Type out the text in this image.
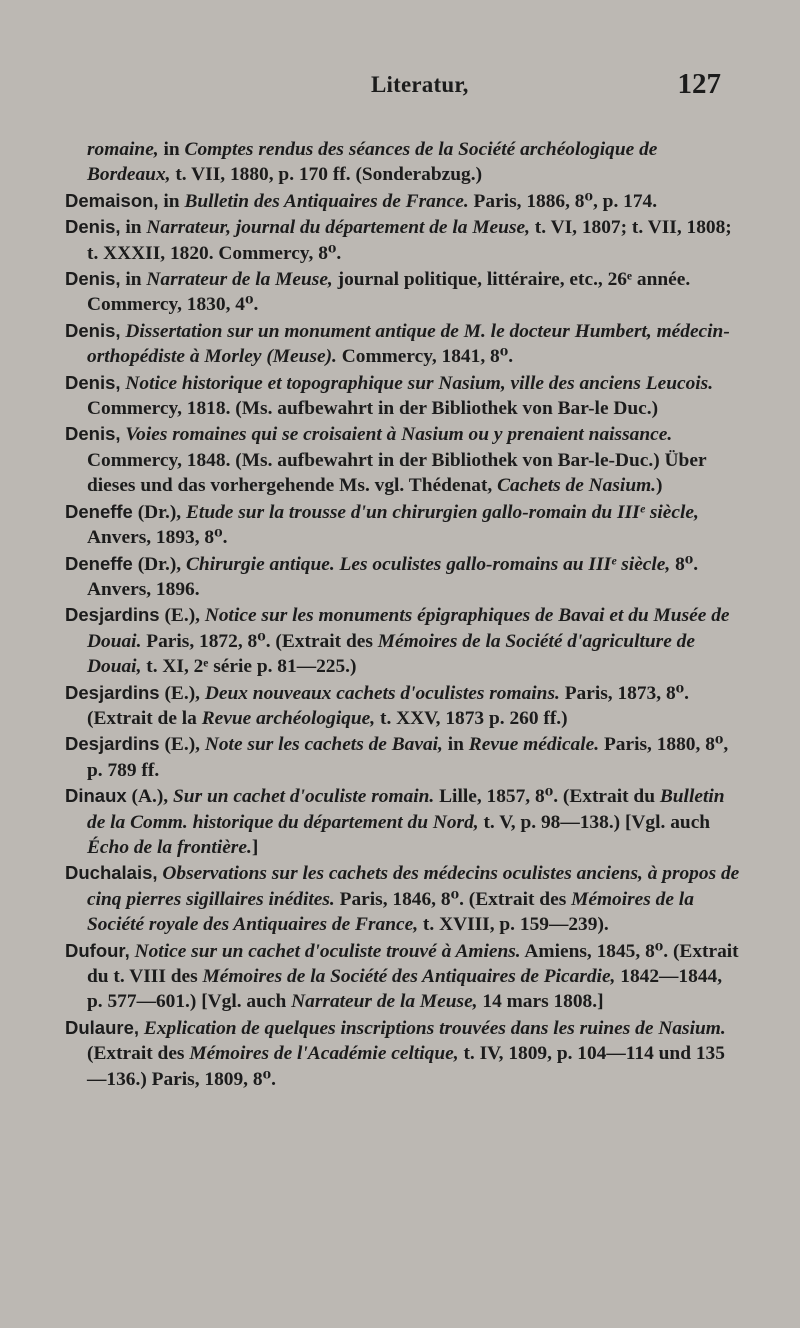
Literatur,	127

romaine, in Comptes rendus des séances de la Société archéologique de Bordeaux, t. VII, 1880, p. 170 ff. (Sonderabzug.)

Demaison, in Bulletin des Antiquaires de France. Paris, 1886, 8⁰, p. 174.

Denis, in Narrateur, journal du département de la Meuse, t. VI, 1807; t. VII, 1808; t. XXXII, 1820. Commercy, 8⁰.

Denis, in Narrateur de la Meuse, journal politique, littéraire, etc., 26ᵉ année. Commercy, 1830, 4⁰.

Denis, Dissertation sur un monument antique de M. le docteur Humbert, médecin-orthopédiste à Morley (Meuse). Commercy, 1841, 8⁰.

Denis, Notice historique et topographique sur Nasium, ville des anciens Leucois. Commercy, 1818. (Ms. aufbewahrt in der Bibliothek von Bar-le Duc.)

Denis, Voies romaines qui se croisaient à Nasium ou y prenaient naissance. Commercy, 1848. (Ms. aufbewahrt in der Bibliothek von Bar-le-Duc.) Über dieses und das vorhergehende Ms. vgl. Thédenat, Cachets de Nasium.)

Deneffe (Dr.), Etude sur la trousse d'un chirurgien gallo-romain du IIIᵉ siècle, Anvers, 1893, 8⁰.

Deneffe (Dr.), Chirurgie antique. Les oculistes gallo-romains au IIIᵉ siècle, 8⁰. Anvers, 1896.

Desjardins (E.), Notice sur les monuments épigraphiques de Bavai et du Musée de Douai. Paris, 1872, 8⁰. (Extrait des Mémoires de la Société d'agriculture de Douai, t. XI, 2ᵉ série p. 81—225.)

Desjardins (E.), Deux nouveaux cachets d'oculistes romains. Paris, 1873, 8⁰. (Extrait de la Revue archéologique, t. XXV, 1873 p. 260 ff.)

Desjardins (E.), Note sur les cachets de Bavai, in Revue médicale. Paris, 1880, 8⁰, p. 789 ff.

Dinaux (A.), Sur un cachet d'oculiste romain. Lille, 1857, 8⁰. (Extrait du Bulletin de la Comm. historique du département du Nord, t. V, p. 98—138.) [Vgl. auch Écho de la frontière.]

Duchalais, Observations sur les cachets des médecins oculistes anciens, à propos de cinq pierres sigillaires inédites. Paris, 1846, 8⁰. (Extrait des Mémoires de la Société royale des Antiquaires de France, t. XVIII, p. 159—239).

Dufour, Notice sur un cachet d'oculiste trouvé à Amiens. Amiens, 1845, 8⁰. (Extrait du t. VIII des Mémoires de la Société des Antiquaires de Picardie, 1842—1844, p. 577—601.) [Vgl. auch Narrateur de la Meuse, 14 mars 1808.]

Dulaure, Explication de quelques inscriptions trouvées dans les ruines de Nasium. (Extrait des Mémoires de l'Académie celtique, t. IV, 1809, p. 104—114 und 135—136.) Paris, 1809, 8⁰.
